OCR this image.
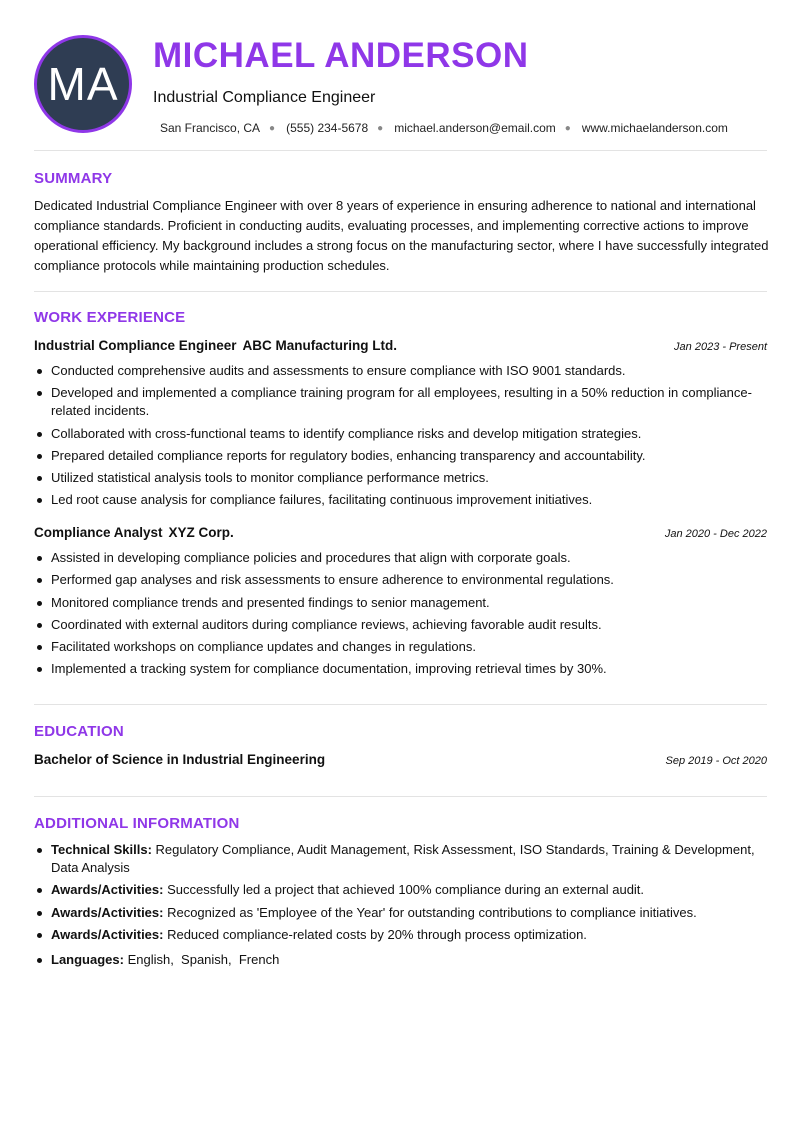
MA
MICHAEL ANDERSON
Industrial Compliance Engineer
San Francisco, CA ● (555) 234-5678 ● michael.anderson@email.com ● www.michaelanderson.com
SUMMARY

Dedicated Industrial Compliance Engineer with over 8 years of experience in ensuring adherence to national and international compliance standards. Proficient in conducting audits, evaluating processes, and implementing corrective actions to improve operational efficiency. My background includes a strong focus on the manufacturing sector, where I have successfully integrated compliance protocols while maintaining production schedules.

WORK EXPERIENCE
Industrial Compliance Engineer ABC Manufacturing Ltd.	Jan 2023 - Present
Conducted comprehensive audits and assessments to ensure compliance with ISO 9001 standards.
Developed and implemented a compliance training program for all employees, resulting in a 50% reduction in compliance-related incidents.
Collaborated with cross-functional teams to identify compliance risks and develop mitigation strategies.
Prepared detailed compliance reports for regulatory bodies, enhancing transparency and accountability.
Utilized statistical analysis tools to monitor compliance performance metrics.
Led root cause analysis for compliance failures, facilitating continuous improvement initiatives.
Compliance Analyst XYZ Corp.	Jan 2020 - Dec 2022
Assisted in developing compliance policies and procedures that align with corporate goals.
Performed gap analyses and risk assessments to ensure adherence to environmental regulations.
Monitored compliance trends and presented findings to senior management.
Coordinated with external auditors during compliance reviews, achieving favorable audit results.
Facilitated workshops on compliance updates and changes in regulations.
Implemented a tracking system for compliance documentation, improving retrieval times by 30%.
EDUCATION
Bachelor of Science in Industrial Engineering	Sep 2019 - Oct 2020
ADDITIONAL INFORMATION
Technical Skills: Regulatory Compliance, Audit Management, Risk Assessment, ISO Standards, Training & Development, Data Analysis
Awards/Activities: Successfully led a project that achieved 100% compliance during an external audit.
Awards/Activities: Recognized as 'Employee of the Year' for outstanding contributions to compliance initiatives.
Awards/Activities: Reduced compliance-related costs by 20% through process optimization.
Languages: English,  Spanish,  French
